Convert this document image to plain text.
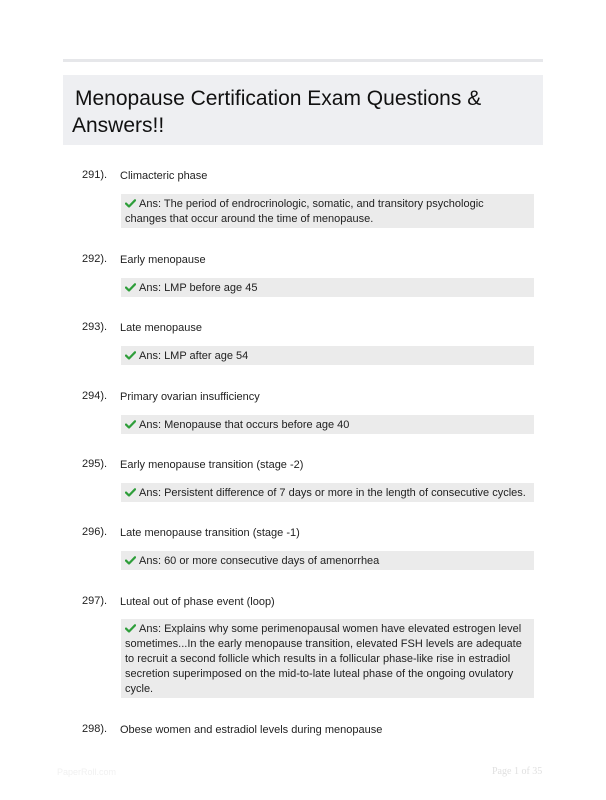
Menopause Certification Exam Questions & Answers!!
291). Climacteric phase
Ans: The period of endrocrinologic, somatic, and transitory psychologic changes that occur around the time of menopause.
292). Early menopause
Ans: LMP before age 45
293). Late menopause
Ans: LMP after age 54
294). Primary ovarian insufficiency
Ans: Menopause that occurs before age 40
295). Early menopause transition (stage -2)
Ans: Persistent difference of 7 days or more in the length of consecutive cycles.
296). Late menopause transition (stage -1)
Ans: 60 or more consecutive days of amenorrhea
297). Luteal out of phase event (loop)
Ans: Explains why some perimenopausal women have elevated estrogen level sometimes...In the early menopause transition, elevated FSH levels are adequate to recruit a second follicle which results in a follicular phase-like rise in estradiol secretion superimposed on the mid-to-late luteal phase of the ongoing ovulatory cycle.
298). Obese women and estradiol levels during menopause
PaperRoll.com	Page 1 of 35
